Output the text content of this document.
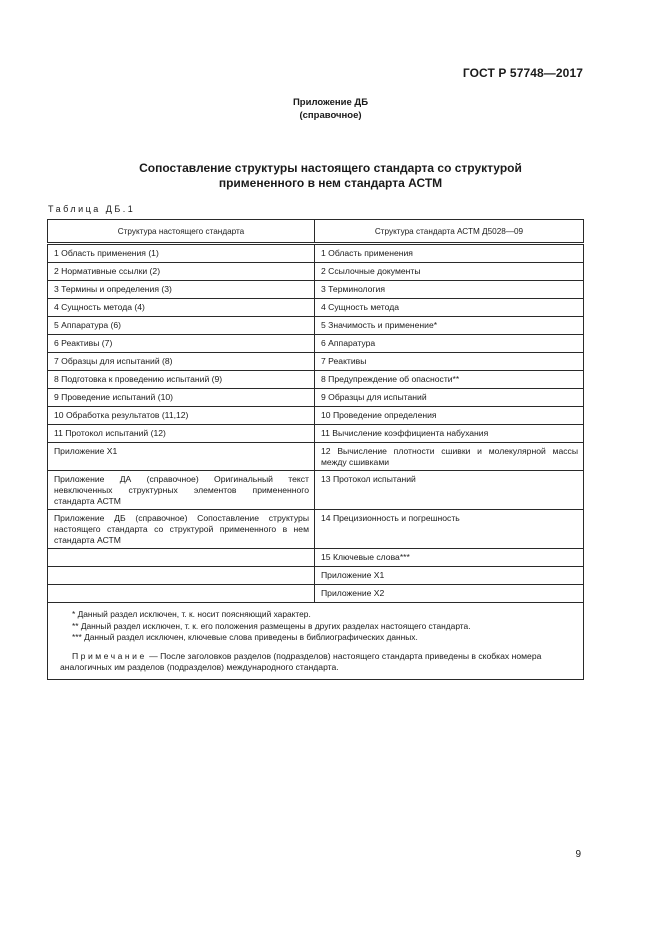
ГОСТ Р 57748—2017
Приложение ДБ
(справочное)
Сопоставление структуры настоящего стандарта со структурой
примененного в нем стандарта АСТМ
Таблица ДБ.1
Структура настоящего стандарта	Структура стандарта АСТМ Д5028—09
1 Область применения (1)	1 Область применения
2 Нормативные ссылки (2)	2 Ссылочные документы
3 Термины и определения (3)	3 Терминология
4 Сущность метода (4)	4 Сущность метода
5 Аппаратура (6)	5 Значимость и применение*
6 Реактивы (7)	6 Аппаратура
7 Образцы для испытаний (8)	7 Реактивы
8 Подготовка к проведению испытаний (9)	8 Предупреждение об опасности**
9 Проведение испытаний (10)	9 Образцы для испытаний
10 Обработка результатов (11,12)	10 Проведение определения
11 Протокол испытаний (12)	11 Вычисление коэффициента набухания
Приложение Х1	12 Вычисление плотности сшивки и молекулярной массы между сшивками
Приложение ДА (справочное) Оригинальный текст невключенных структурных элементов примененного стандарта АСТМ	13 Протокол испытаний
Приложение ДБ (справочное) Сопоставление структуры настоящего стандарта со структурой примененного в нем стандарта АСТМ	14 Прецизионность и погрешность
	15 Ключевые слова***
	Приложение Х1
	Приложение Х2

* Данный раздел исключен, т. к. носит поясняющий характер.
** Данный раздел исключен, т. к. его положения размещены в других разделах настоящего стандарта.
*** Данный раздел исключен, ключевые слова приведены в библиографических данных.
Примечание — После заголовков разделов (подразделов) настоящего стандарта приведены в скобках номера аналогичных им разделов (подразделов) международного стандарта.	
9
